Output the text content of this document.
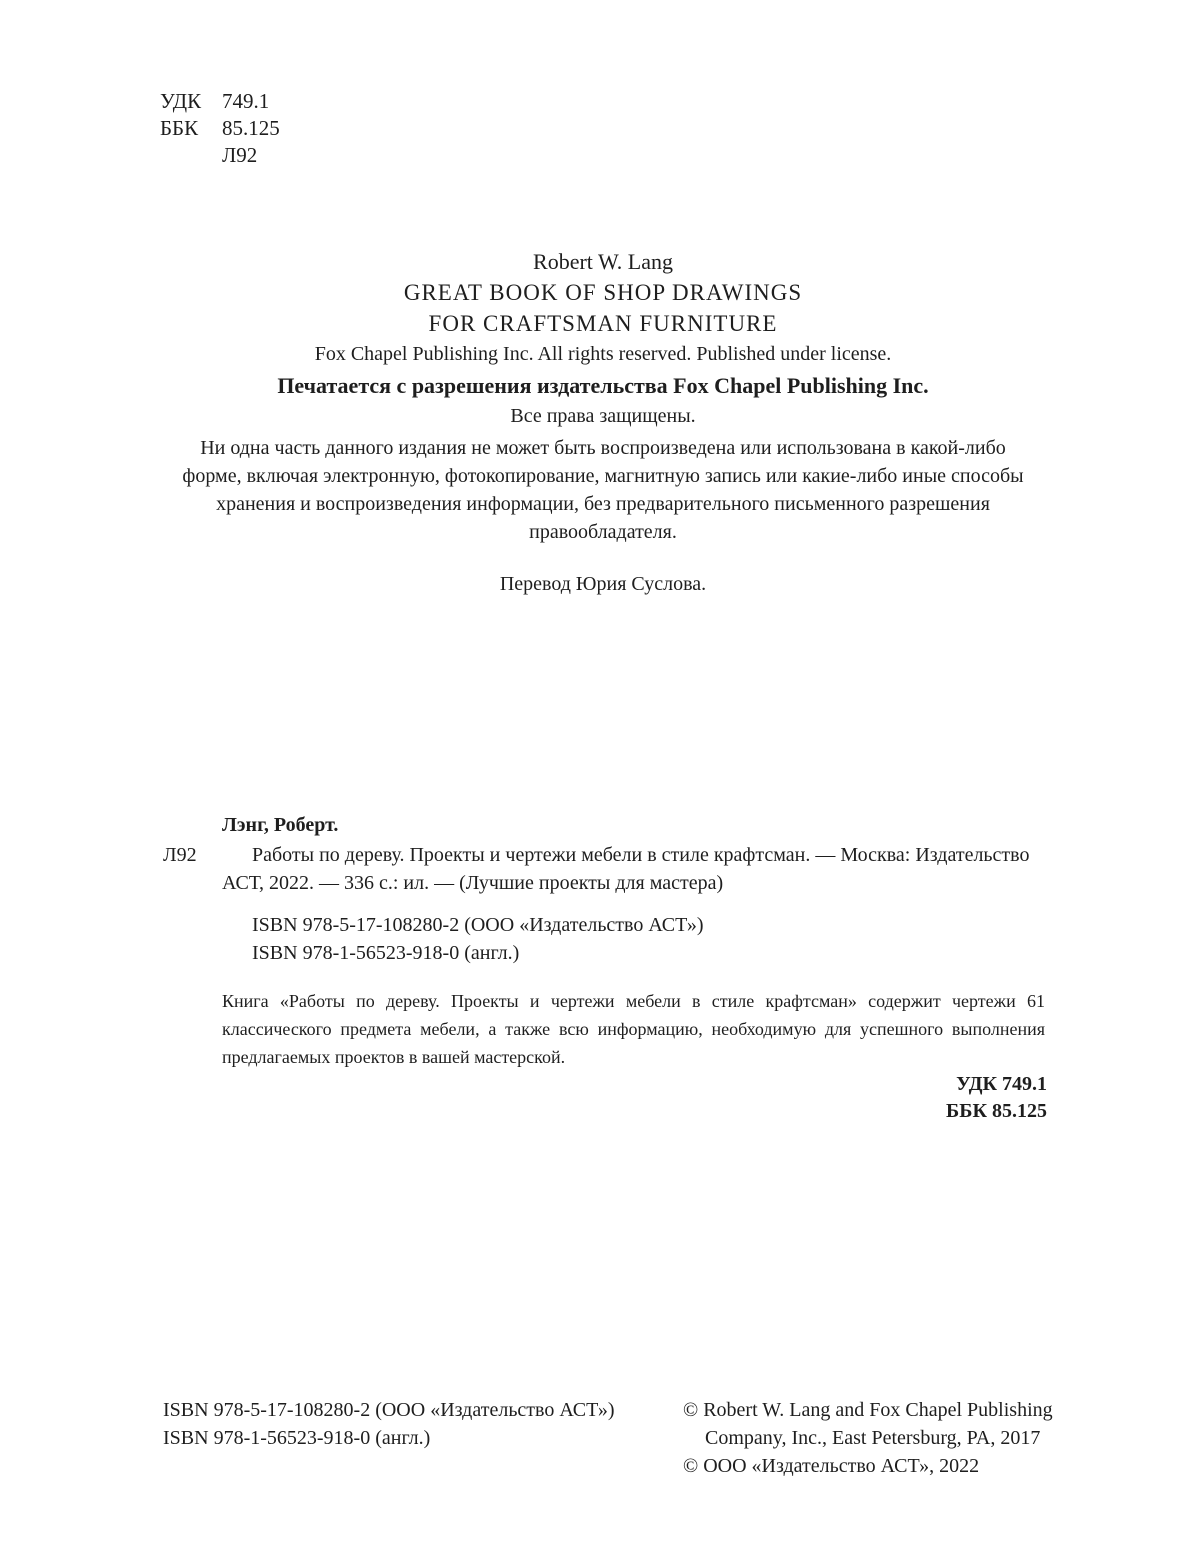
УДК 749.1
ББК 85.125
Л92
Robert W. Lang
GREAT BOOK OF SHOP DRAWINGS
FOR CRAFTSMAN FURNITURE
Fox Chapel Publishing Inc. All rights reserved. Published under license.
Печатается с разрешения издательства Fox Chapel Publishing Inc.
Все права защищены.
Ни одна часть данного издания не может быть воспроизведена или использована в какой-либо
форме, включая электронную, фотокопирование, магнитную запись или какие-либо иные способы
хранения и воспроизведения информации, без предварительного письменного разрешения
правообладателя.
Перевод Юрия Суслова.
Лэнг, Роберт.
Л92	Работы по дереву. Проекты и чертежи мебели в стиле крафтсман. — Москва: Издательство
АСТ, 2022. — 336 с.: ил. — (Лучшие проекты для мастера)
ISBN 978-5-17-108280-2 (ООО «Издательство АСТ»)
ISBN 978-1-56523-918-0 (англ.)
Книга «Работы по дереву. Проекты и чертежи мебели в стиле крафтсман» содержит чертежи 61 классического предмета мебели, а также всю информацию, необходимую для успешного выполнения предлагаемых проектов в вашей мастерской.
УДК 749.1
ББК 85.125
ISBN 978-5-17-108280-2 (ООО «Издательство АСТ»)
ISBN 978-1-56523-918-0 (англ.)
© Robert W. Lang and Fox Chapel Publishing
Company, Inc., East Petersburg, PA, 2017
© ООО «Издательство АСТ», 2022
